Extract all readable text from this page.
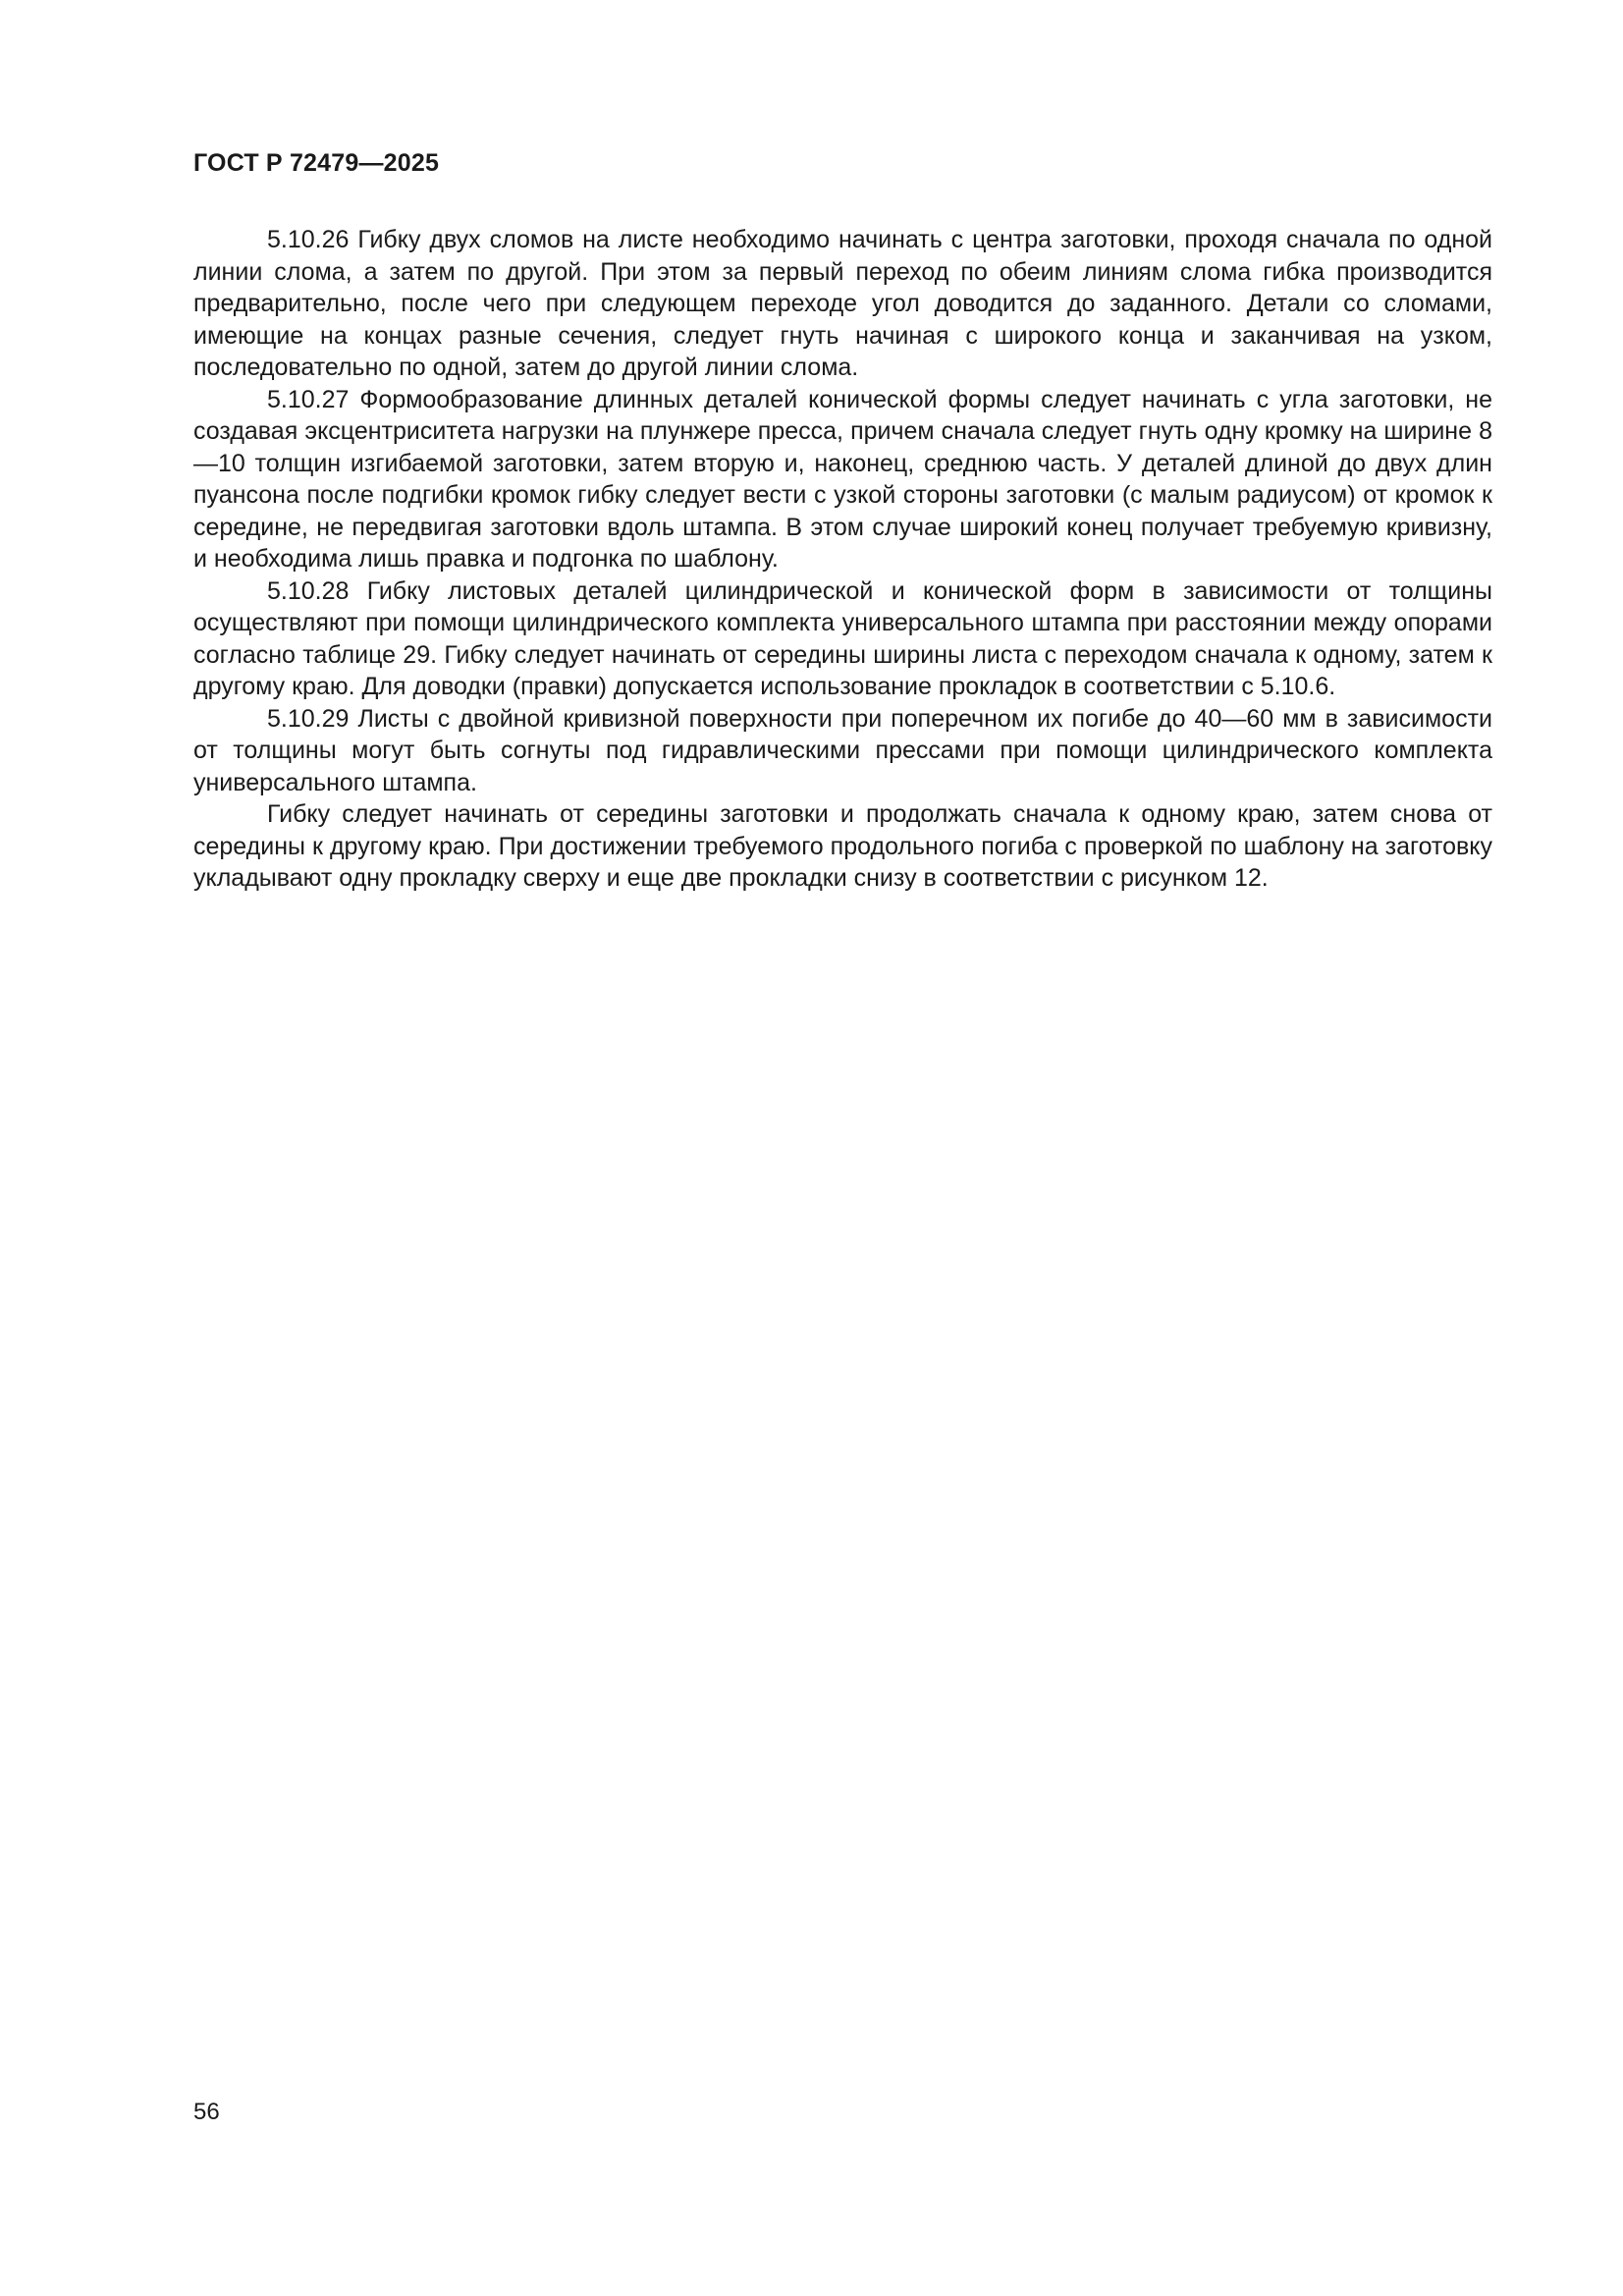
ГОСТ Р 72479—2025

5.10.26 Гибку двух сломов на листе необходимо начинать с центра заготовки, проходя сначала по одной линии слома, а затем по другой. При этом за первый переход по обеим линиям слома гибка производится предварительно, после чего при следующем переходе угол доводится до заданного. Детали со сломами, имеющие на концах разные сечения, следует гнуть начиная с широкого конца и заканчивая на узком, последовательно по одной, затем до другой линии слома.

5.10.27 Формообразование длинных деталей конической формы следует начинать с угла заготовки, не создавая эксцентриситета нагрузки на плунжере пресса, причем сначала следует гнуть одну кромку на ширине 8—10 толщин изгибаемой заготовки, затем вторую и, наконец, среднюю часть. У деталей длиной до двух длин пуансона после подгибки кромок гибку следует вести с узкой стороны заготовки (с малым радиусом) от кромок к середине, не передвигая заготовки вдоль штампа. В этом случае широкий конец получает требуемую кривизну, и необходима лишь правка и подгонка по шаблону.

5.10.28 Гибку листовых деталей цилиндрической и конической форм в зависимости от толщины осуществляют при помощи цилиндрического комплекта универсального штампа при расстоянии между опорами согласно таблице 29. Гибку следует начинать от середины ширины листа с переходом сначала к одному, затем к другому краю. Для доводки (правки) допускается использование прокладок в соответствии с 5.10.6.

5.10.29 Листы с двойной кривизной поверхности при поперечном их погибе до 40—60 мм в зависимости от толщины могут быть согнуты под гидравлическими прессами при помощи цилиндрического комплекта универсального штампа.

Гибку следует начинать от середины заготовки и продолжать сначала к одному краю, затем снова от середины к другому краю. При достижении требуемого продольного погиба с проверкой по шаблону на заготовку укладывают одну прокладку сверху и еще две прокладки снизу в соответствии с рисунком 12.

56
